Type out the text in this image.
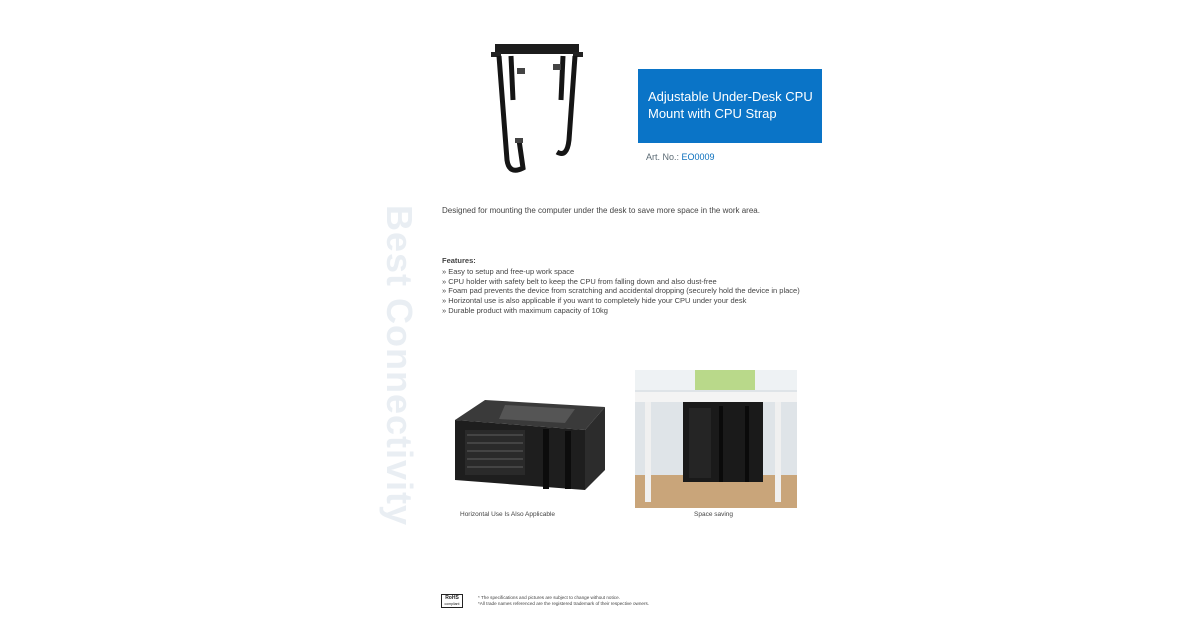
Adjustable Under-Desk CPU Mount with CPU Strap
Art. No.: EO0009
Best Connectivity	Designed for mounting the computer under the desk to save more space in the work area.
Features:
» Easy to setup and free-up work space
» CPU holder with safety belt to keep the CPU from falling down and also dust-free
» Foam pad prevents the device from scratching and accidental dropping (securely hold the device in place)
» Horizontal use is also applicable if you want to completely hide your CPU under your desk
» Durable product with maximum capacity of 10kg
Horizontal Use Is Also Applicable	Space saving
RoHS
compliant
* The specifications and pictures are subject to change without notice.
*All trade names referenced are the registered trademark of their respective owners.
